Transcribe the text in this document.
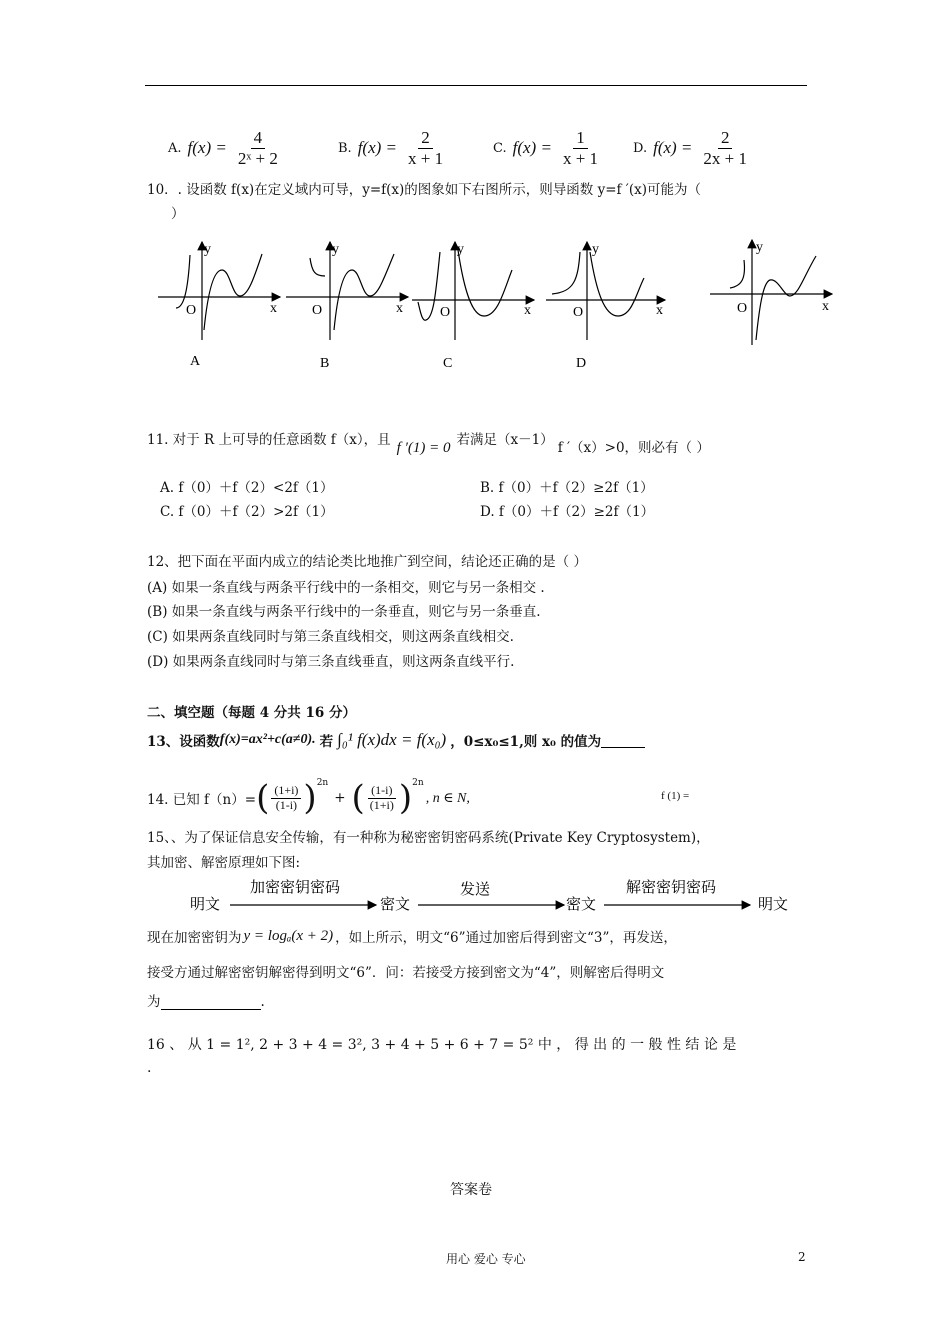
A. $f(x) = \frac{4}{\text{2ˣ + 2}}$	B. $f(x) = \frac{2}{x + 1}$	C. $f(x) = \frac{1}{x + 1} D$. $f(x) = \frac{2}{2x + 1}$
10．. 设函数 f(x)在定义域内可导，y=f(x)的图象如下右图所示，则导函数 y=f ′(x)可能为（
）
y
x
O
A
y
x
O
B
y
x
O
C
y
x
O
D
y
x
O
11. 对于 R 上可导的任意函数 f（x），且 f ′(1) = 0 若满足（x－1） f ′（x）>0，则必有（ ）
A. f（0）＋f（2）<2f（1）	B. f（0）＋f（2）≥2f（1）
C. f（0）＋f（2）>2f（1）	D. f（0）＋f（2）≥2f（1）
12、把下面在平面内成立的结论类比地推广到空间，结论还正确的是（ ）
(A) 如果一条直线与两条平行线中的一条相交，则它与另一条相交 .
(B) 如果一条直线与两条平行线中的一条垂直，则它与另一条垂直.
(C) 如果两条直线同时与第三条直线相交，则这两条直线相交.
(D) 如果两条直线同时与第三条直线垂直，则这两条直线平行.
二、填空题（每题 4 分共 16 分）
13、设函数 f(x)=ax²+c(a≠0). 若 ∫₀¹ f(x)dx = f(x₀) ，0≤x₀≤1,则 x₀ 的值为
14. 已知 f（n）= ( $\frac{(1+i)}{(1-i)} )^{2n}$
+ ( $\frac{(1-i)}{(1+i)} )^{2n}$
, n ∈ N,	f (1) =
15、、为了保证信息安全传输，有一种称为秘密密钥密码系统(Private Key Cryptosystem)，
其加密、解密原理如下图:
明文
加密密钥密码
密文
发送
密文
解密密钥密码
明文
现在加密密钥为 y = logₐ(x + 2) ，如上所示，明文“6”通过加密后得到密文“3”，再发送，
接受方通过解密密钥解密得到明文“6”．问：若接受方接到密文为“4”，则解密后得明文
为	.
16 、 从 1 = 1², 2 + 3 + 4 = 3², 3 + 4 + 5 + 6 + 7 = 5² 中 ， 得 出 的 一 般 性 结 论 是
.
答案卷
用心 爱心 专心	2
